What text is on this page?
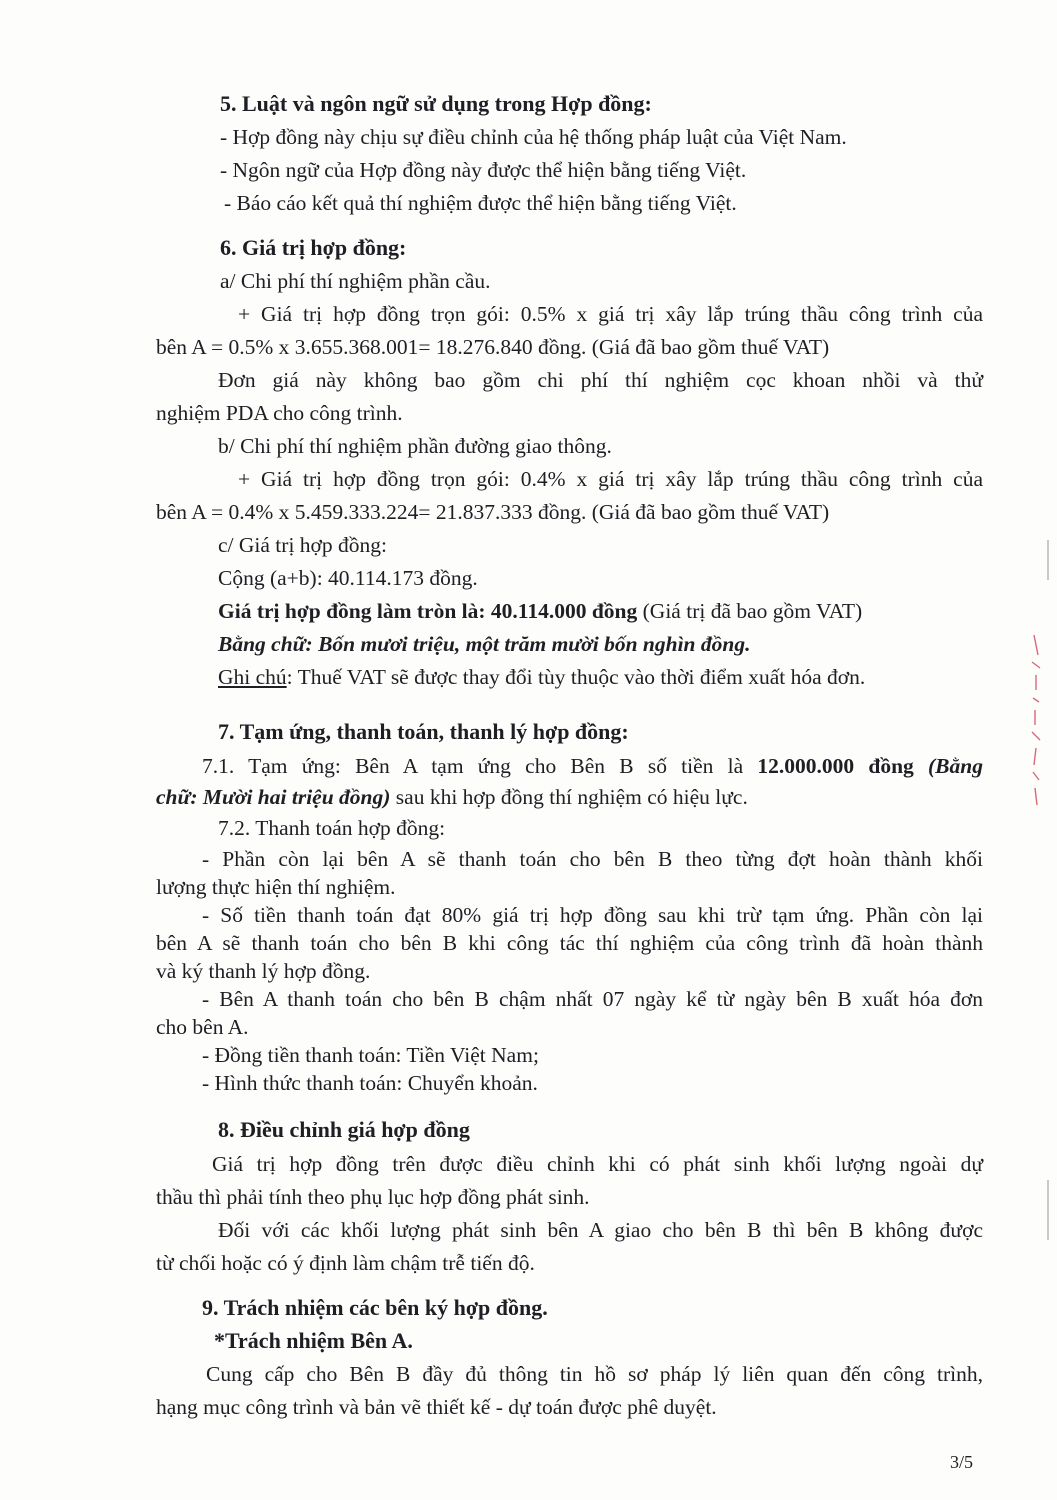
5. Luật và ngôn ngữ sử dụng trong Hợp đồng:
- Hợp đồng này chịu sự điều chỉnh của hệ thống pháp luật của Việt Nam.
- Ngôn ngữ của Hợp đồng này được thể hiện bằng tiếng Việt.
- Báo cáo kết quả thí nghiệm được thể hiện bằng tiếng Việt.
6. Giá trị hợp đồng:
a/ Chi phí thí nghiệm phần cầu.
+ Giá trị hợp đồng trọn gói: 0.5% x giá trị xây lắp trúng thầu công trình của
bên A = 0.5% x 3.655.368.001= 18.276.840 đồng. (Giá đã bao gồm thuế VAT)
Đơn giá này không bao gồm chi phí thí nghiệm cọc khoan nhồi và thử
nghiệm PDA cho công trình.
b/ Chi phí thí nghiệm phần đường giao thông.
+ Giá trị hợp đồng trọn gói: 0.4% x giá trị xây lắp trúng thầu công trình của
bên A = 0.4% x 5.459.333.224= 21.837.333 đồng. (Giá đã bao gồm thuế VAT)
c/ Giá trị hợp đồng:
Cộng (a+b): 40.114.173 đồng.
Giá trị hợp đồng làm tròn là: 40.114.000 đồng (Giá trị đã bao gồm VAT)
Bằng chữ: Bốn mươi triệu, một trăm mười bốn nghìn đồng.
Ghi chú: Thuế VAT sẽ được thay đổi tùy thuộc vào thời điểm xuất hóa đơn.
7. Tạm ứng, thanh toán, thanh lý hợp đồng:
7.1. Tạm ứng: Bên A tạm ứng cho Bên B số tiền là 12.000.000 đồng (Bằng
chữ: Mười hai triệu đồng) sau khi hợp đồng thí nghiệm có hiệu lực.
7.2. Thanh toán hợp đồng:
- Phần còn lại bên A sẽ thanh toán cho bên B theo từng đợt hoàn thành khối
lượng thực hiện thí nghiệm.
- Số tiền thanh toán đạt 80% giá trị hợp đồng sau khi trừ tạm ứng. Phần còn lại
bên A sẽ thanh toán cho bên B khi công tác thí nghiệm của công trình đã hoàn thành
và ký thanh lý hợp đồng.
- Bên A thanh toán cho bên B chậm nhất 07 ngày kể từ ngày bên B xuất hóa đơn
cho bên A.
- Đồng tiền thanh toán: Tiền Việt Nam;
- Hình thức thanh toán: Chuyển khoản.
8. Điều chỉnh giá hợp đồng
Giá trị hợp đồng trên được điều chỉnh khi có phát sinh khối lượng ngoài dự
thầu thì phải tính theo phụ lục hợp đồng phát sinh.
Đối với các khối lượng phát sinh bên A giao cho bên B thì bên B không được
từ chối hoặc có ý định làm chậm trễ tiến độ.
9. Trách nhiệm các bên ký hợp đồng.
*Trách nhiệm Bên A.
Cung cấp cho Bên B đầy đủ thông tin hồ sơ pháp lý liên quan đến công trình,
hạng mục công trình và bản vẽ thiết kế - dự toán được phê duyệt.
3/5
